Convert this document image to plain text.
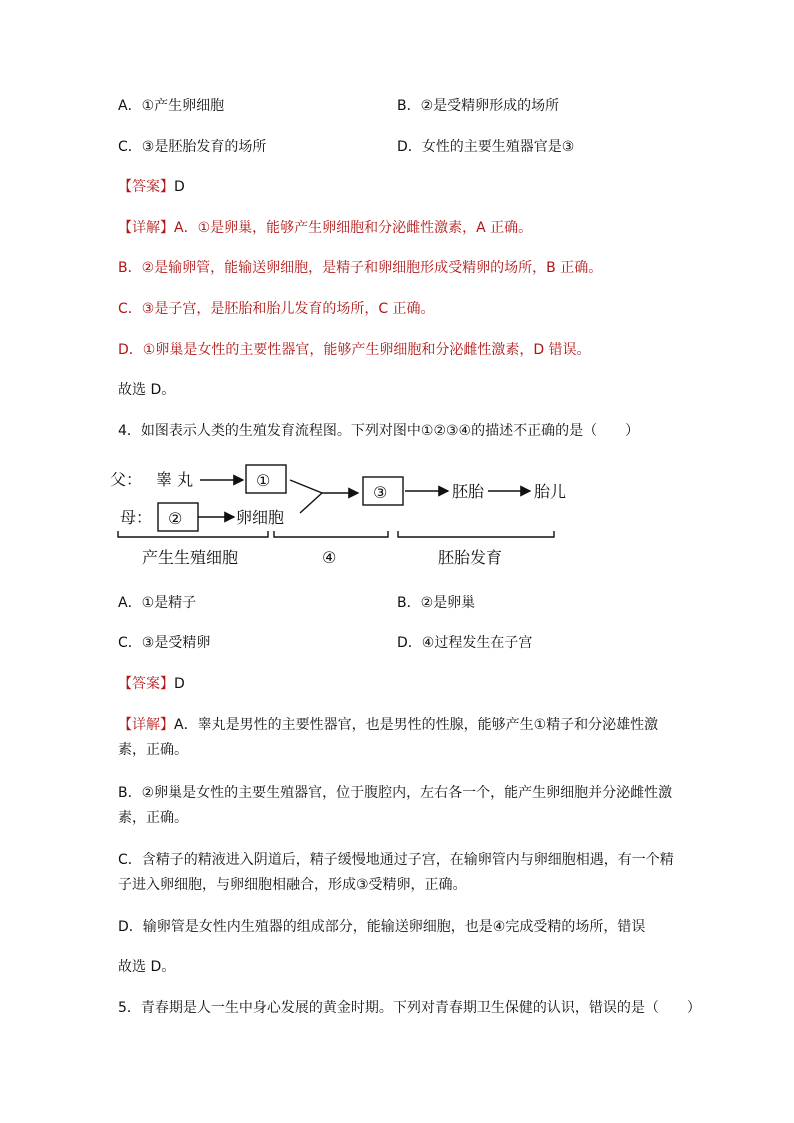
A．①产生卵细胞	B．②是受精卵形成的场所
C．③是胚胎发育的场所	D．女性的主要生殖器官是③
【答案】D
【详解】A．①是卵巢，能够产生卵细胞和分泌雌性激素，A 正确。
B．②是输卵管，能输送卵细胞，是精子和卵细胞形成受精卵的场所，B 正确。
C．③是子宫，是胚胎和胎儿发育的场所，C 正确。
D．①卵巢是女性的主要性器官，能够产生卵细胞和分泌雌性激素，D 错误。
故选 D。
4．如图表示人类的生殖发育流程图。下列对图中①②③④的描述不正确的是（　　）
父： 睾 丸	①
母： ②	卵细胞
③	胚胎	胎儿
产生生殖细胞	④	胚胎发育
A．①是精子	B．②是卵巢
C．③是受精卵	D．④过程发生在子宫
【答案】D
【详解】A．睾丸是男性的主要性器官，也是男性的性腺，能够产生①精子和分泌雄性激素，正确。
B．②卵巢是女性的主要生殖器官，位于腹腔内，左右各一个，能产生卵细胞并分泌雌性激素，正确。
C．含精子的精液进入阴道后，精子缓慢地通过子宫，在输卵管内与卵细胞相遇，有一个精子进入卵细胞，与卵细胞相融合，形成③受精卵，正确。
D．输卵管是女性内生殖器的组成部分，能输送卵细胞，也是④完成受精的场所，错误
故选 D。
5．青春期是人一生中身心发展的黄金时期。下列对青春期卫生保健的认识，错误的是（　　）
